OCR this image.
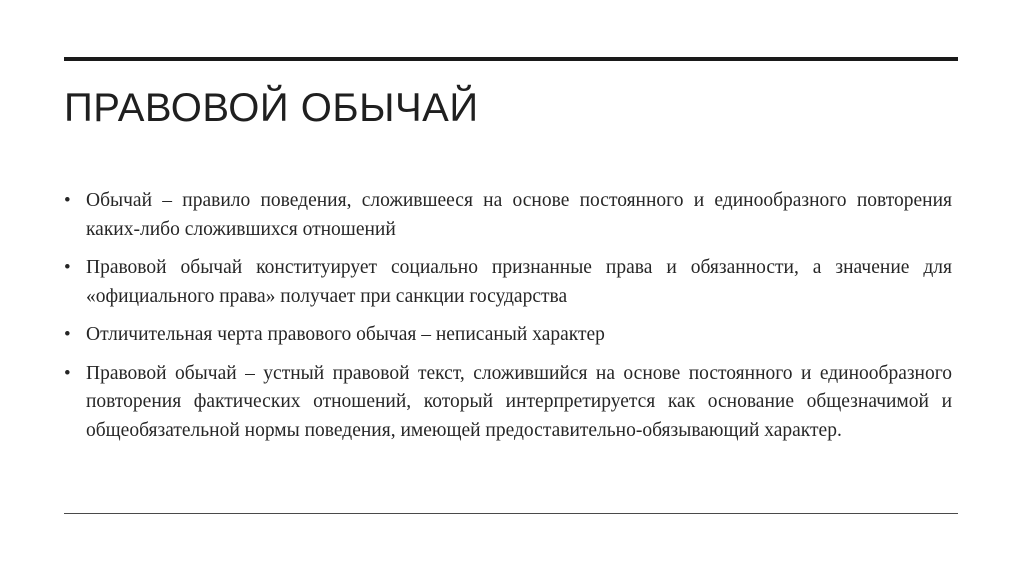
ПРАВОВОЙ ОБЫЧАЙ
• Обычай – правило поведения, сложившееся на основе постоянного и единообразного повторения каких-либо сложившихся отношений
• Правовой обычай конституирует социально признанные права и обязанности, а значение для «официального права» получает при санкции государства
• Отличительная черта правового обычая – неписаный характер
• Правовой обычай – устный правовой текст, сложившийся на основе постоянного и единообразного повторения фактических отношений, который интерпретируется как основание общезначимой и общеобязательной нормы поведения, имеющей предоставительно-обязывающий характер.
